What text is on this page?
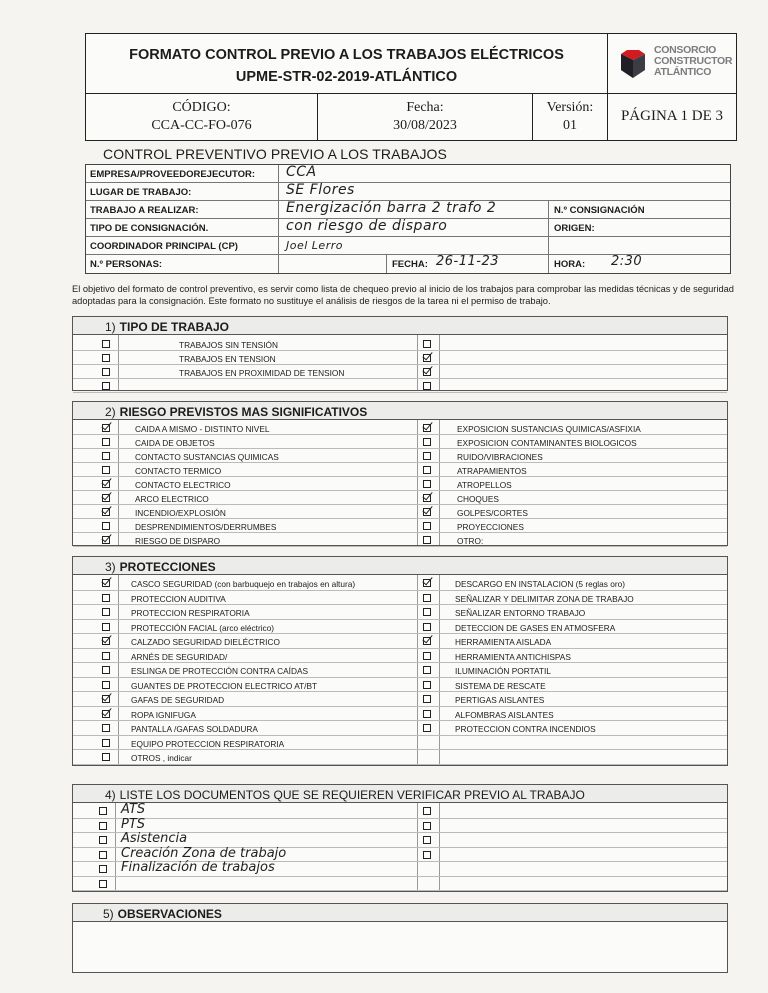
FORMATO CONTROL PREVIO A LOS TRABAJOS ELÉCTRICOS
UPME-STR-02-2019-ATLÁNTICO
CONSORCIO
CONSTRUCTOR
ATLÁNTICO
CÓDIGO:
CCA-CC-FO-076
Fecha:
30/08/2023
Versión:
01
PÁGINA 1 DE 3
CONTROL PREVENTIVO PREVIO A LOS TRABAJOS
EMPRESA/PROVEEDOREJECUTOR: CCA
LUGAR DE TRABAJO:	SE Flores
TRABAJO A REALIZAR:	Energización barra 2 trafo 2	N.º CONSIGNACIÓN
TIPO DE CONSIGNACIÓN.	con riesgo de disparo	ORIGEN:
COORDINADOR PRINCIPAL (CP)	Joel Lerro
N.º PERSONAS:	FECHA: 26-11-23	HORA: 2:30
El objetivo del formato de control preventivo, es servir como lista de chequeo previo al inicio de los trabajos para comprobar las medidas técnicas y de seguridad adoptadas para la consignación. Este formato no sustituye el análisis de riesgos de la tarea ni el permiso de trabajo.
1) TIPO DE TRABAJO
TRABAJOS SIN TENSIÓN
TRABAJOS EN TENSION
TRABAJOS EN PROXIMIDAD DE TENSION
2) RIESGO PREVISTOS MAS SIGNIFICATIVOS
CAIDA A MISMO - DISTINTO NIVEL	EXPOSICION SUSTANCIAS QUIMICAS/ASFIXIA
CAIDA DE OBJETOS	EXPOSICION CONTAMINANTES BIOLOGICOS
CONTACTO SUSTANCIAS QUIMICAS	RUIDO/VIBRACIONES
CONTACTO TERMICO	ATRAPAMIENTOS
CONTACTO ELECTRICO	ATROPELLOS
ARCO ELECTRICO	CHOQUES
INCENDIO/EXPLOSIÓN	GOLPES/CORTES
DESPRENDIMIENTOS/DERRUMBES	PROYECCIONES
RIESGO DE DISPARO	OTRO:
3) PROTECCIONES
CASCO SEGURIDAD (con barbuquejo en trabajos en altura)	DESCARGO EN INSTALACION (5 reglas oro)
PROTECCION AUDITIVA	SEÑALIZAR Y DELIMITAR ZONA DE TRABAJO
PROTECCION RESPIRATORIA	SEÑALIZAR ENTORNO TRABAJO
PROTECCIÓN FACIAL (arco eléctrico)	DETECCION DE GASES EN ATMOSFERA
CALZADO SEGURIDAD DIELÉCTRICO	HERRAMIENTA AISLADA
ARNÉS DE SEGURIDAD/	HERRAMIENTA ANTICHISPAS
ESLINGA DE PROTECCIÓN CONTRA CAÍDAS	ILUMINACIÓN PORTATIL
GUANTES DE PROTECCION ELECTRICO AT/BT	SISTEMA DE RESCATE
GAFAS DE SEGURIDAD	PERTIGAS AISLANTES
ROPA IGNIFUGA	ALFOMBRAS AISLANTES
PANTALLA /GAFAS SOLDADURA	PROTECCION CONTRA INCENDIOS
EQUIPO PROTECCION RESPIRATORIA
OTROS , indicar
4) LISTE LOS DOCUMENTOS QUE SE REQUIEREN VERIFICAR PREVIO AL TRABAJO
ATS
PTS
Asistencia
Creación Zona de trabajo
Finalización de trabajos
5) OBSERVACIONES
